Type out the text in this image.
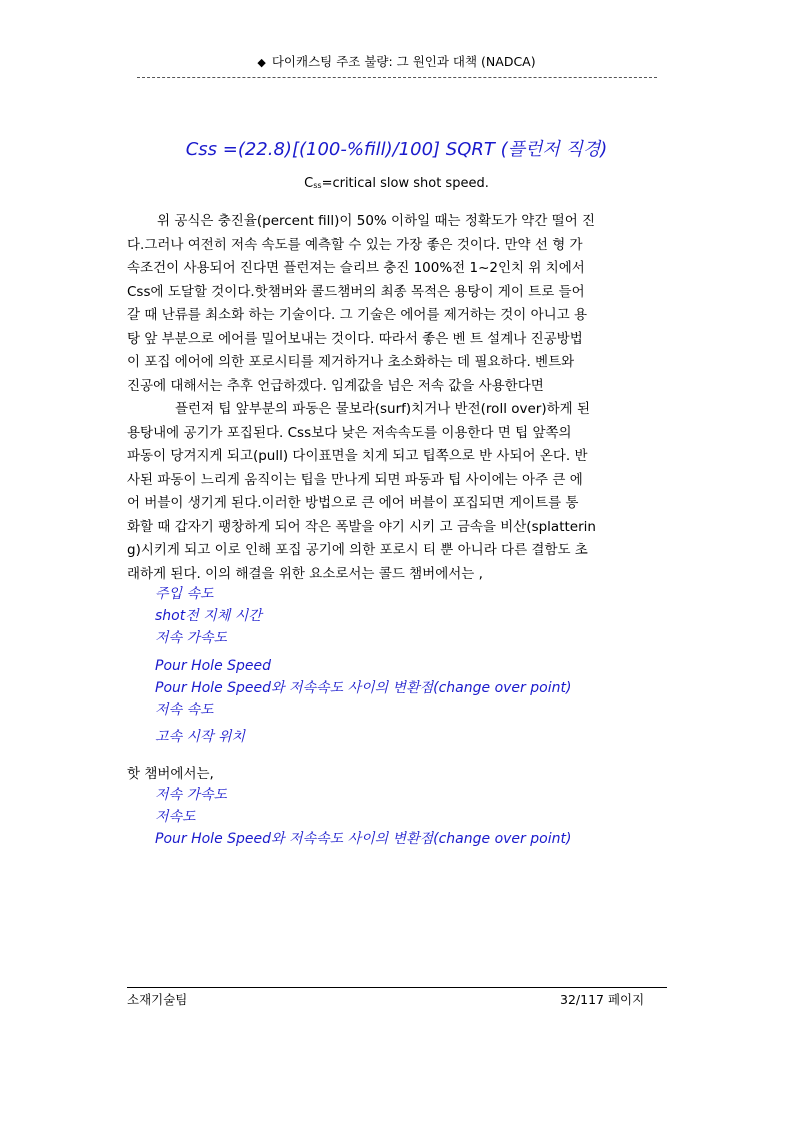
◆ 다이캐스팅 주조 불량: 그 원인과 대책 (NADCA)
Css =(22.8)[(100-%fill)/100] SQRT (플런저 직경)
$C_{ss}=critical$ slow shot speed.
위 공식은 충진율(percent fill)이 50% 이하일 때는 정확도가 약간 떨어 진
다.그러나 여전히 저속 속도를 예측할 수 있는 가장 좋은 것이다. 만약 선 형 가
속조건이 사용되어 진다면 플런져는 슬리브 충진 100%전 1~2인치 위 치에서
Css에 도달할 것이다.핫챔버와 콜드챔버의 최종 목적은 용탕이 게이 트로 들어
갈 때 난류를 최소화 하는 기술이다. 그 기술은 에어를 제거하는 것이 아니고 용
탕 앞 부분으로 에어를 밀어보내는 것이다. 따라서 좋은 벤 트 설계나 진공방법
이 포집 에어에 의한 포로시티를 제거하거나 초소화하는 데 필요하다. 벤트와
진공에 대해서는 추후 언급하겠다. 임계값을 넘은 저속 값을 사용한다면
플런져 팁 앞부분의 파동은 물보라(surf)치거나 반전(roll over)하게 된
용탕내에 공기가 포집된다. Css보다 낮은 저속속도를 이용한다 면 팁 앞쪽의
파동이 당겨지게 되고(pull) 다이표면을 치게 되고 팁쪽으로 반 사되어 온다. 반
사된 파동이 느리게 움직이는 팁을 만나게 되면 파동과 팁 사이에는 아주 큰 에
어 버블이 생기게 된다.이러한 방법으로 큰 에어 버블이 포집되면 게이트를 통
화할 때 갑자기 팽창하게 되어 작은 폭발을 야기 시키 고 금속을 비산(splatterin
g)시키게 되고 이로 인해 포집 공기에 의한 포로시 티 뿐 아니라 다른 결함도 초
래하게 된다. 이의 해결을 위한 요소로서는 콜드 챔버에서는 ,
주입 속도
shot전 지체 시간
저속 가속도
Pour Hole Speed
Pour Hole Speed와 저속속도 사이의 변환점(change over point)
저속 속도
고속 시작 위치
핫 챔버에서는,
저속 가속도
저속도
Pour Hole Speed와 저속속도 사이의 변환점(change over point)
소재기술팀	32/117 페이지
